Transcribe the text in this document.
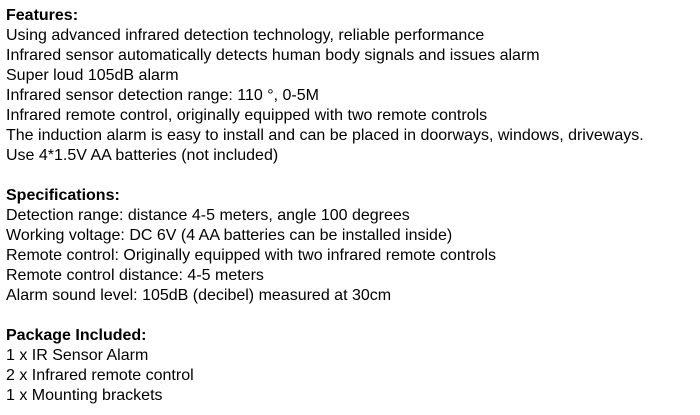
Features:
Using advanced infrared detection technology, reliable performance
Infrared sensor automatically detects human body signals and issues alarm
Super loud 105dB alarm
Infrared sensor detection range: 110 °, 0-5M
Infrared remote control, originally equipped with two remote controls
The induction alarm is easy to install and can be placed in doorways, windows, driveways.
Use 4*1.5V AA batteries (not included)
Specifications:
Detection range: distance 4-5 meters, angle 100 degrees
Working voltage: DC 6V (4 AA batteries can be installed inside)
Remote control: Originally equipped with two infrared remote controls
Remote control distance: 4-5 meters
Alarm sound level: 105dB (decibel) measured at 30cm
Package Included:
1 x IR Sensor Alarm
2 x Infrared remote control
1 x Mounting brackets
